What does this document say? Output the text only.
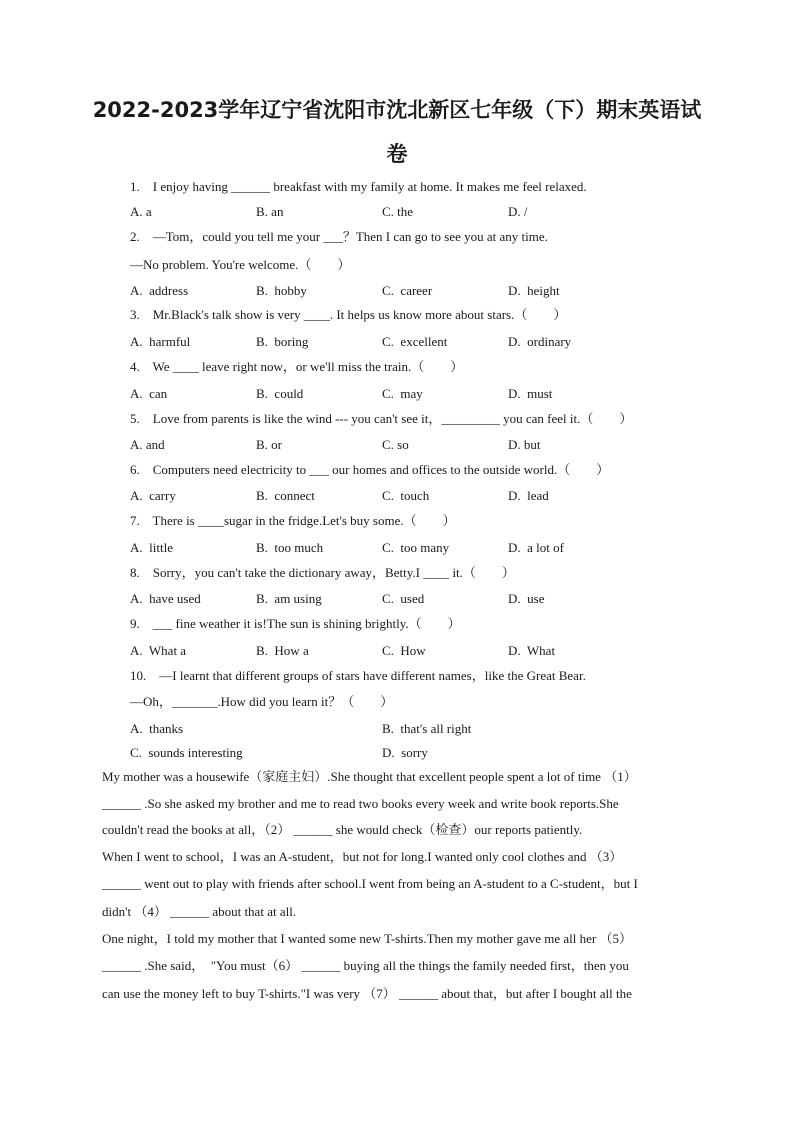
2022-2023学年辽宁省沈阳市沈北新区七年级（下）期末英语试
卷
1.    I enjoy having ______ breakfast with my family at home. It makes me feel relaxed.
A. a	B. an	C. the	D. /
2.    —Tom，could you tell me your ___？Then I can go to see you at any time.
—No problem. You're welcome.（        ）
A.  address	B.  hobby	C.  career	D.  height
3.    Mr.Black's talk show is very ____. It helps us know more about stars.（        ）
A.  harmful	B.  boring	C.  excellent	D.  ordinary
4.    We ____ leave right now，or we'll miss the train.（        ）
A.  can	B.  could	C.  may	D.  must
5.    Love from parents is like the wind --- you can't see it，_________ you can feel it.（        ）
A. and	B. or	C. so	D. but
6.    Computers need electricity to ___ our homes and offices to the outside world.（        ）
A.  carry	B.  connect	C.  touch	D.  lead
7.    There is ____sugar in the fridge.Let's buy some.（        ）
A.  little	B.  too much	C.  too many	D.  a lot of
8.    Sorry，you can't take the dictionary away，Betty.I ____ it.（        ）
A.  have used	B.  am using	C.  used	D.  use
9.    ___ fine weather it is!The sun is shining brightly.（        ）
A.  What a	B.  How a	C.  How	D.  What
10.    —I learnt that different groups of stars have different names，like the Great Bear.
—Oh，_______.How did you learn it？（        ）
A.  thanks	B.  that's all right
C.  sounds interesting	D.  sorry
My mother was a housewife（家庭主妇）.She thought that excellent people spent a lot of time （1）
______ .So she asked my brother and me to read two books every week and write book reports.She
couldn't read the books at all，（2） ______ she would check（检查）our reports patiently.
When I went to school，I was an A-student，but not for long.I wanted only cool clothes and （3）
______ went out to play with friends after school.I went from being an A-student to a C-student，but I
didn't （4） ______ about that at all.
One night，I told my mother that I wanted some new T-shirts.Then my mother gave me all her （5）
______ .She said，  "You must（6） ______ buying all the things the family needed first，then you
can use the money left to buy T-shirts."I was very （7） ______ about that，but after I bought all the
